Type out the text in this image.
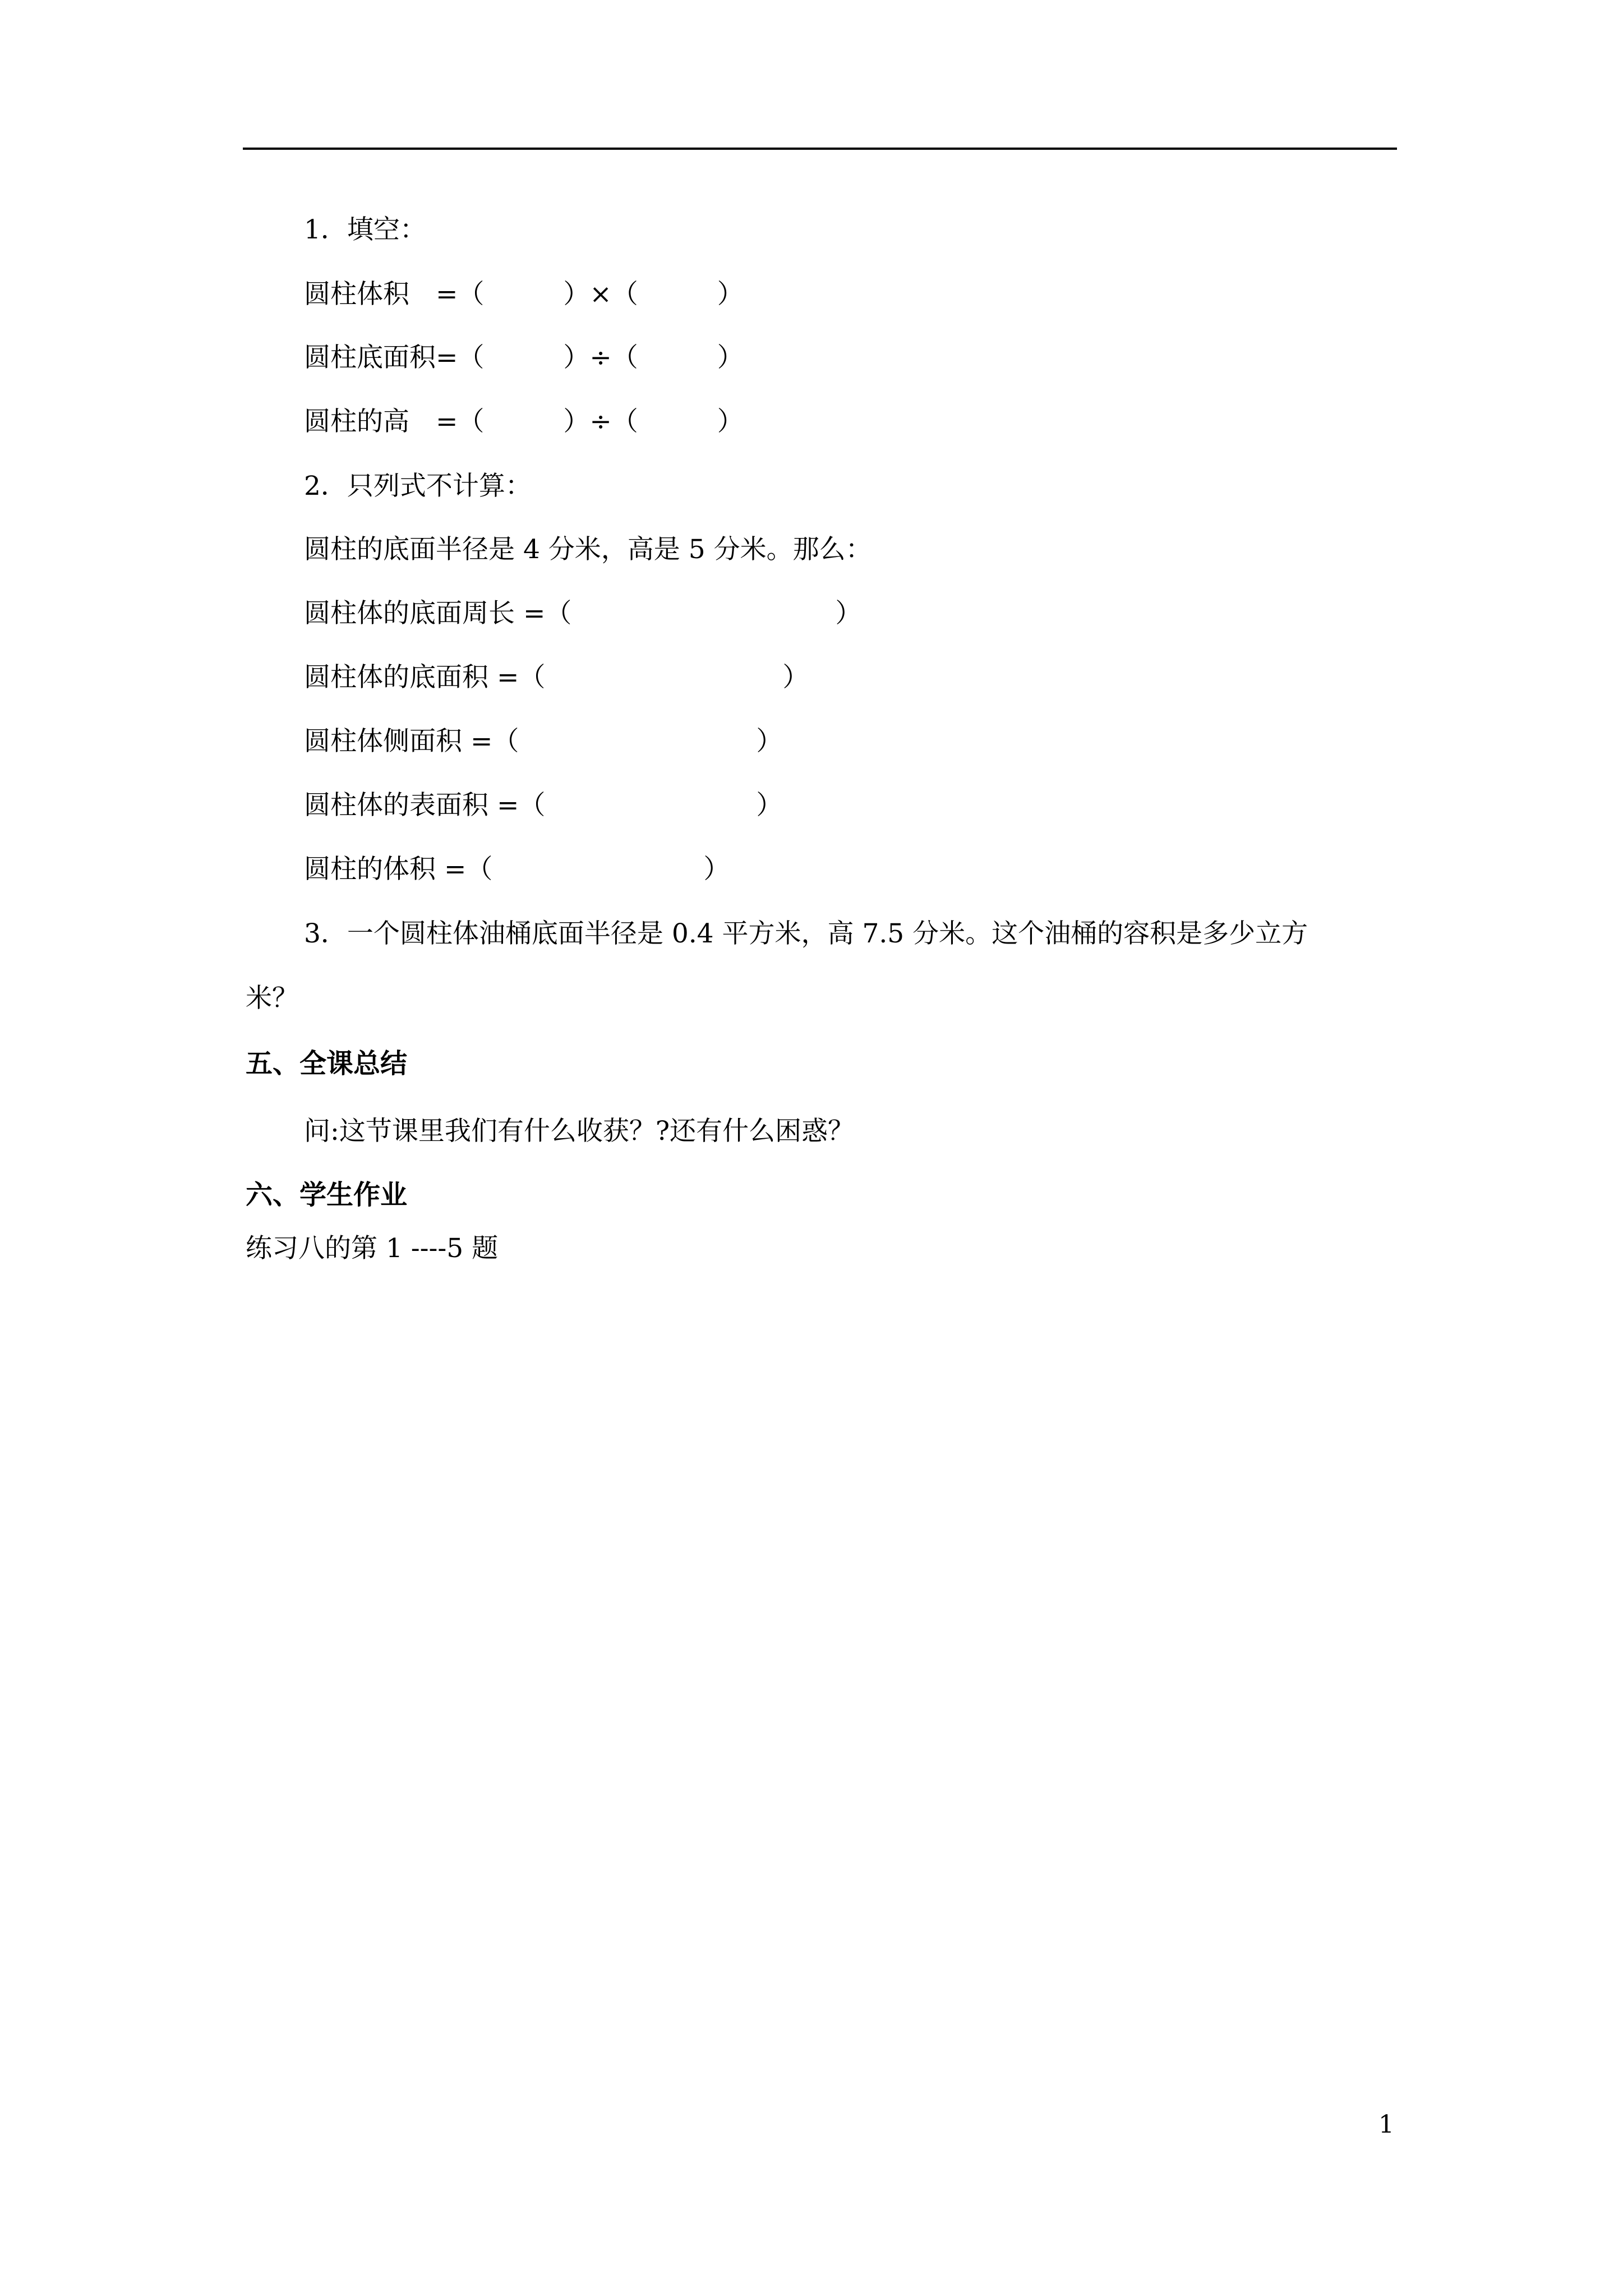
1．填空：

圆柱体积　=（　　　）×（　　　）

圆柱底面积=（　　　）÷（　　　）

圆柱的高　=（　　　）÷（　　　）

2．只列式不计算：

圆柱的底面半径是 4 分米，高是 5 分米。那么：

圆柱体的底面周长 =（　　　　　　　　　　）

圆柱体的底面积 =（　　　　　　　　　）

圆柱体侧面积 =（　　　　　　　　　）

圆柱体的表面积 =（　　　　　　　　）

圆柱的体积 =（　　　　　　　　）

3．一个圆柱体油桶底面半径是 0.4 平方米，高 7.5 分米。这个油桶的容积是多少立方

米？

五、全课总结

问:这节课里我们有什么收获？?还有什么困惑？

六、学生作业

练习八的第 1 ----5 题

1
